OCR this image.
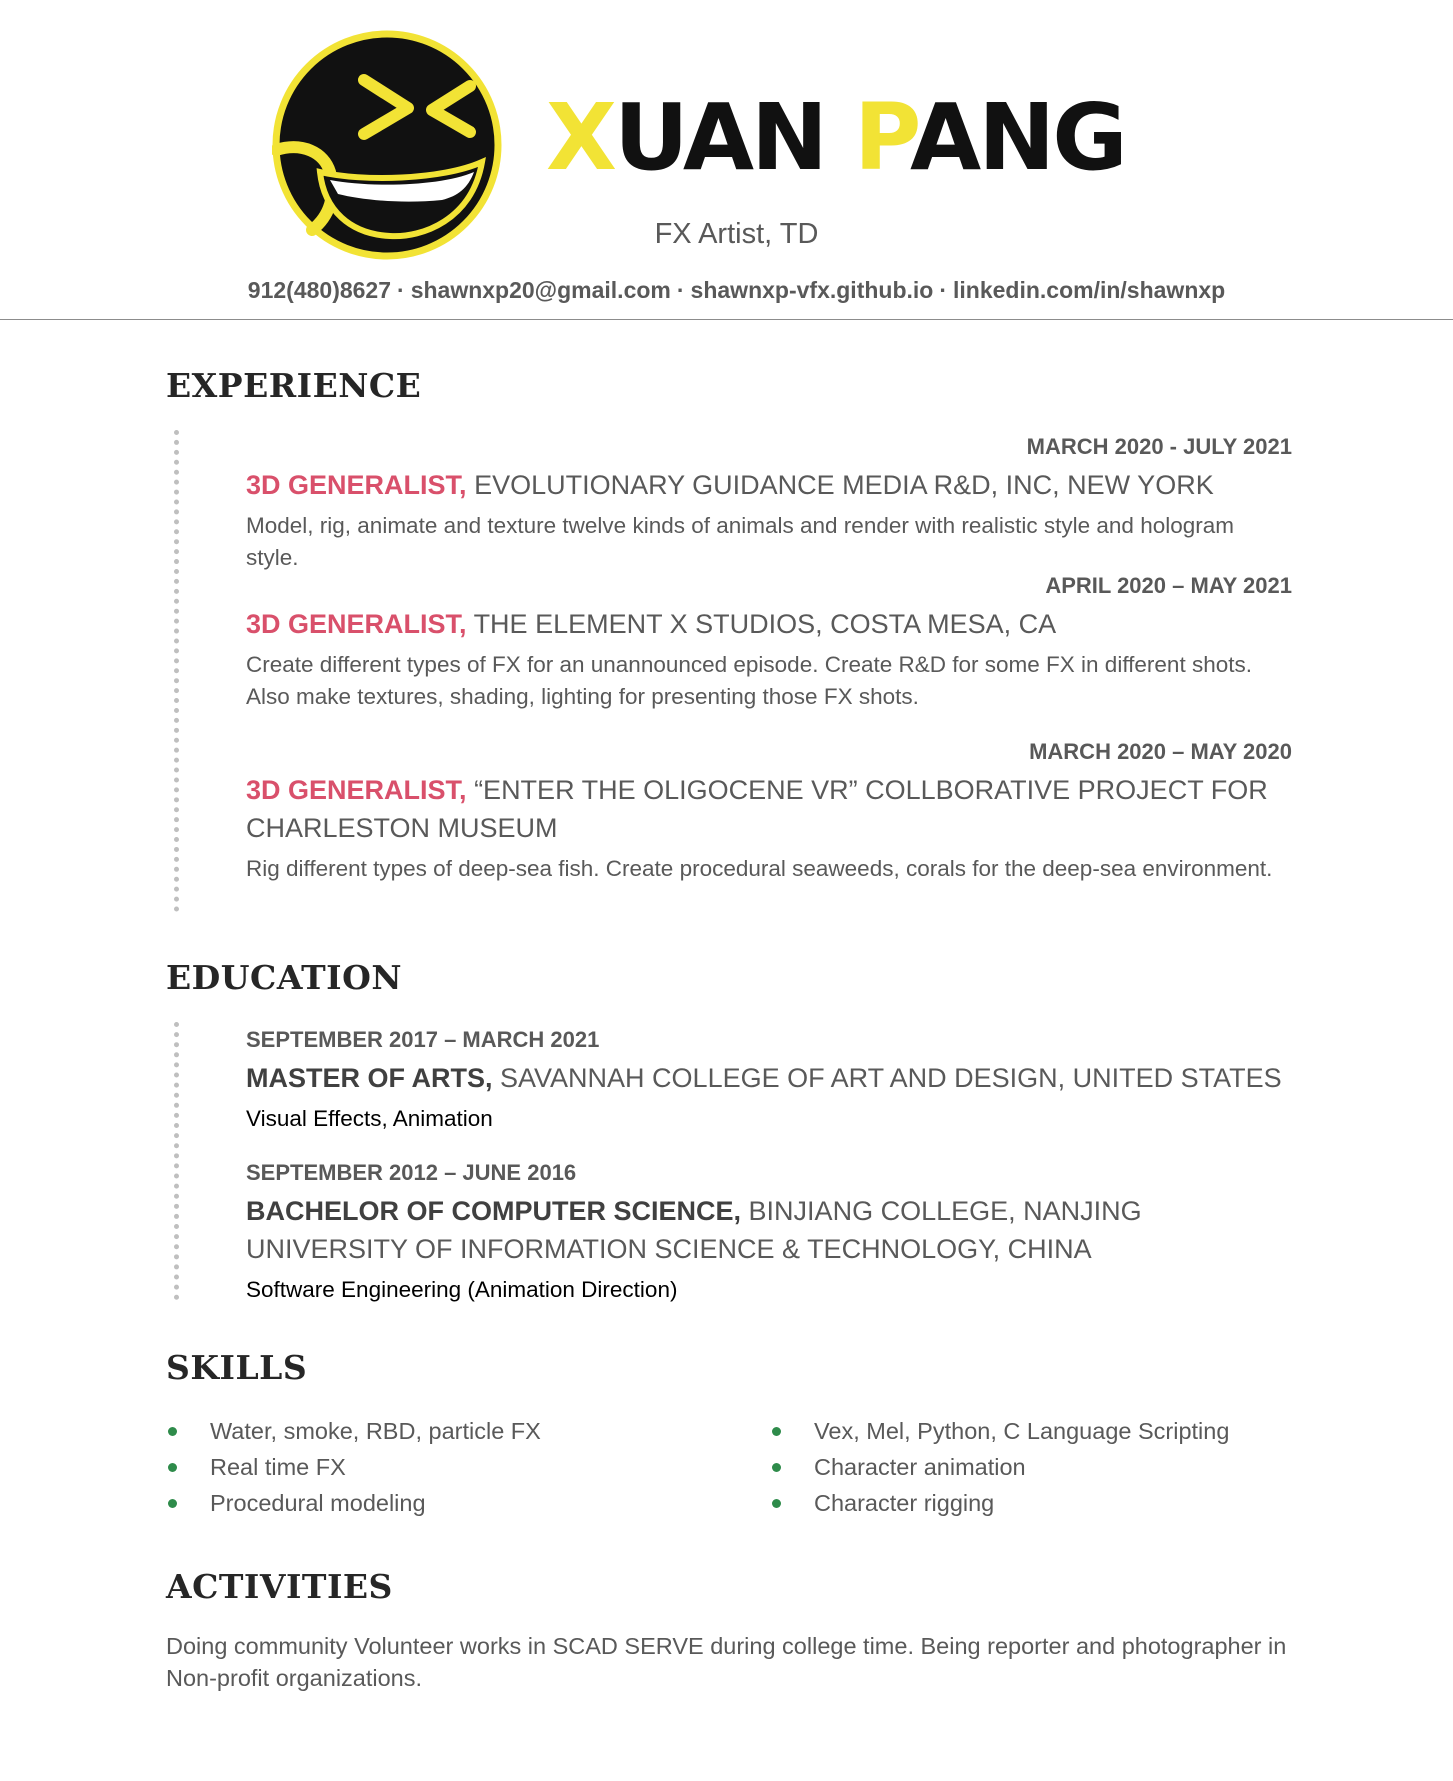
XUAN PANG
FX Artist, TD
912(480)8627 · shawnxp20@gmail.com · shawnxp-vfx.github.io · linkedin.com/in/shawnxp
EXPERIENCE
MARCH 2020 - JULY 2021
3D GENERALIST, EVOLUTIONARY GUIDANCE MEDIA R&D, INC, NEW YORK
Model, rig, animate and texture twelve kinds of animals and render with realistic style and hologram style.
APRIL 2020 – MAY 2021
3D GENERALIST, THE ELEMENT X STUDIOS, COSTA MESA, CA
Create different types of FX for an unannounced episode. Create R&D for some FX in different shots. Also make textures, shading, lighting for presenting those FX shots.
MARCH 2020 – MAY 2020
3D GENERALIST, “ENTER THE OLIGOCENE VR” COLLBORATIVE PROJECT FOR CHARLESTON MUSEUM
Rig different types of deep-sea fish. Create procedural seaweeds, corals for the deep-sea environment.
EDUCATION
SEPTEMBER 2017 – MARCH 2021
MASTER OF ARTS, SAVANNAH COLLEGE OF ART AND DESIGN, UNITED STATES
Visual Effects, Animation
SEPTEMBER 2012 – JUNE 2016
BACHELOR OF COMPUTER SCIENCE, BINJIANG COLLEGE, NANJING UNIVERSITY OF INFORMATION SCIENCE & TECHNOLOGY, CHINA
Software Engineering (Animation Direction)
SKILLS
Water, smoke, RBD, particle FX
Real time FX
Procedural modeling
Vex, Mel, Python, C Language Scripting
Character animation
Character rigging
ACTIVITIES
Doing community Volunteer works in SCAD SERVE during college time. Being reporter and photographer in Non-profit organizations.
